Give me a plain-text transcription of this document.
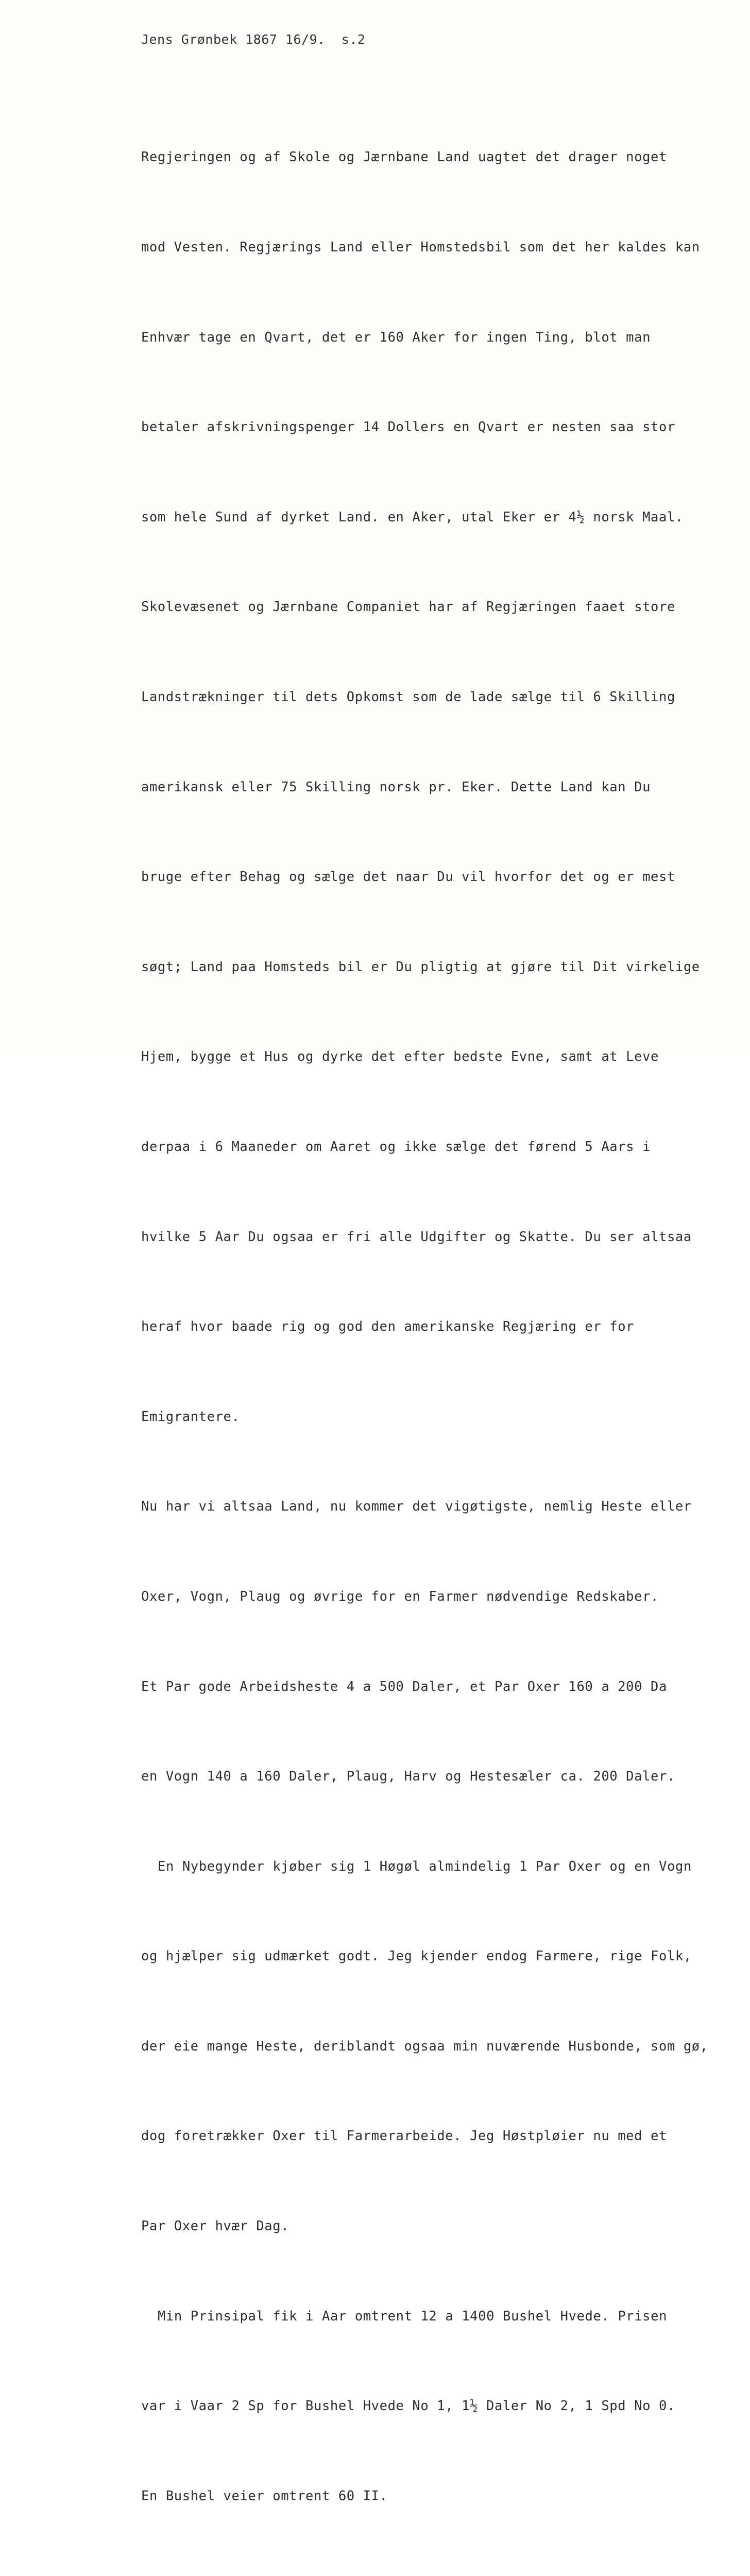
Jens Grønbek 1867 16/9.  s.2

Regjeringen og af Skole og Jærnbane Land uagtet det drager noget

mod Vesten. Regjærings Land eller Homstedsbil som det her kaldes kan

Enhvær tage en Qvart, det er 160 Aker for ingen Ting, blot man

betaler afskrivningspenger 14 Dollers en Qvart er nesten saa stor

som hele Sund af dyrket Land. en Aker, utal Eker er 4½ norsk Maal.

Skolevæsenet og Jærnbane Companiet har af Regjæringen faaet store

Landstrækninger til dets Opkomst som de lade sælge til 6 Skilling

amerikansk eller 75 Skilling norsk pr. Eker. Dette Land kan Du

bruge efter Behag og sælge det naar Du vil hvorfor det og er mest

søgt; Land paa Homsteds bil er Du pligtig at gjøre til Dit virkelige

Hjem, bygge et Hus og dyrke det efter bedste Evne, samt at Leve

derpaa i 6 Maaneder om Aaret og ikke sælge det førend 5 Aars i

hvilke 5 Aar Du ogsaa er fri alle Udgifter og Skatte. Du ser altsaa

heraf hvor baade rig og god den amerikanske Regjæring er for

Emigrantere.

Nu har vi altsaa Land, nu kommer det vigøtigste, nemlig Heste eller

Oxer, Vogn, Plaug og øvrige for en Farmer nødvendige Redskaber.

Et Par gode Arbeidsheste 4 a 500 Daler, et Par Oxer 160 a 200 Da

en Vogn 140 a 160 Daler, Plaug, Harv og Hestesæler ca. 200 Daler.

En Nybegynder kjøber sig 1 Høgøl almindelig 1 Par Oxer og en Vogn

og hjælper sig udmærket godt. Jeg kjender endog Farmere, rige Folk,

der eie mange Heste, deriblandt ogsaa min nuværende Husbonde, som gø,

dog foretrækker Oxer til Farmerarbeide. Jeg Høstpløier nu med et

Par Oxer hvær Dag.

Min Prinsipal fik i Aar omtrent 12 a 1400 Bushel Hvede. Prisen

var i Vaar 2 Sp for Bushel Hvede No 1, 1½ Daler No 2, 1 Spd No 0.

En Bushel veier omtrent 60 II.
